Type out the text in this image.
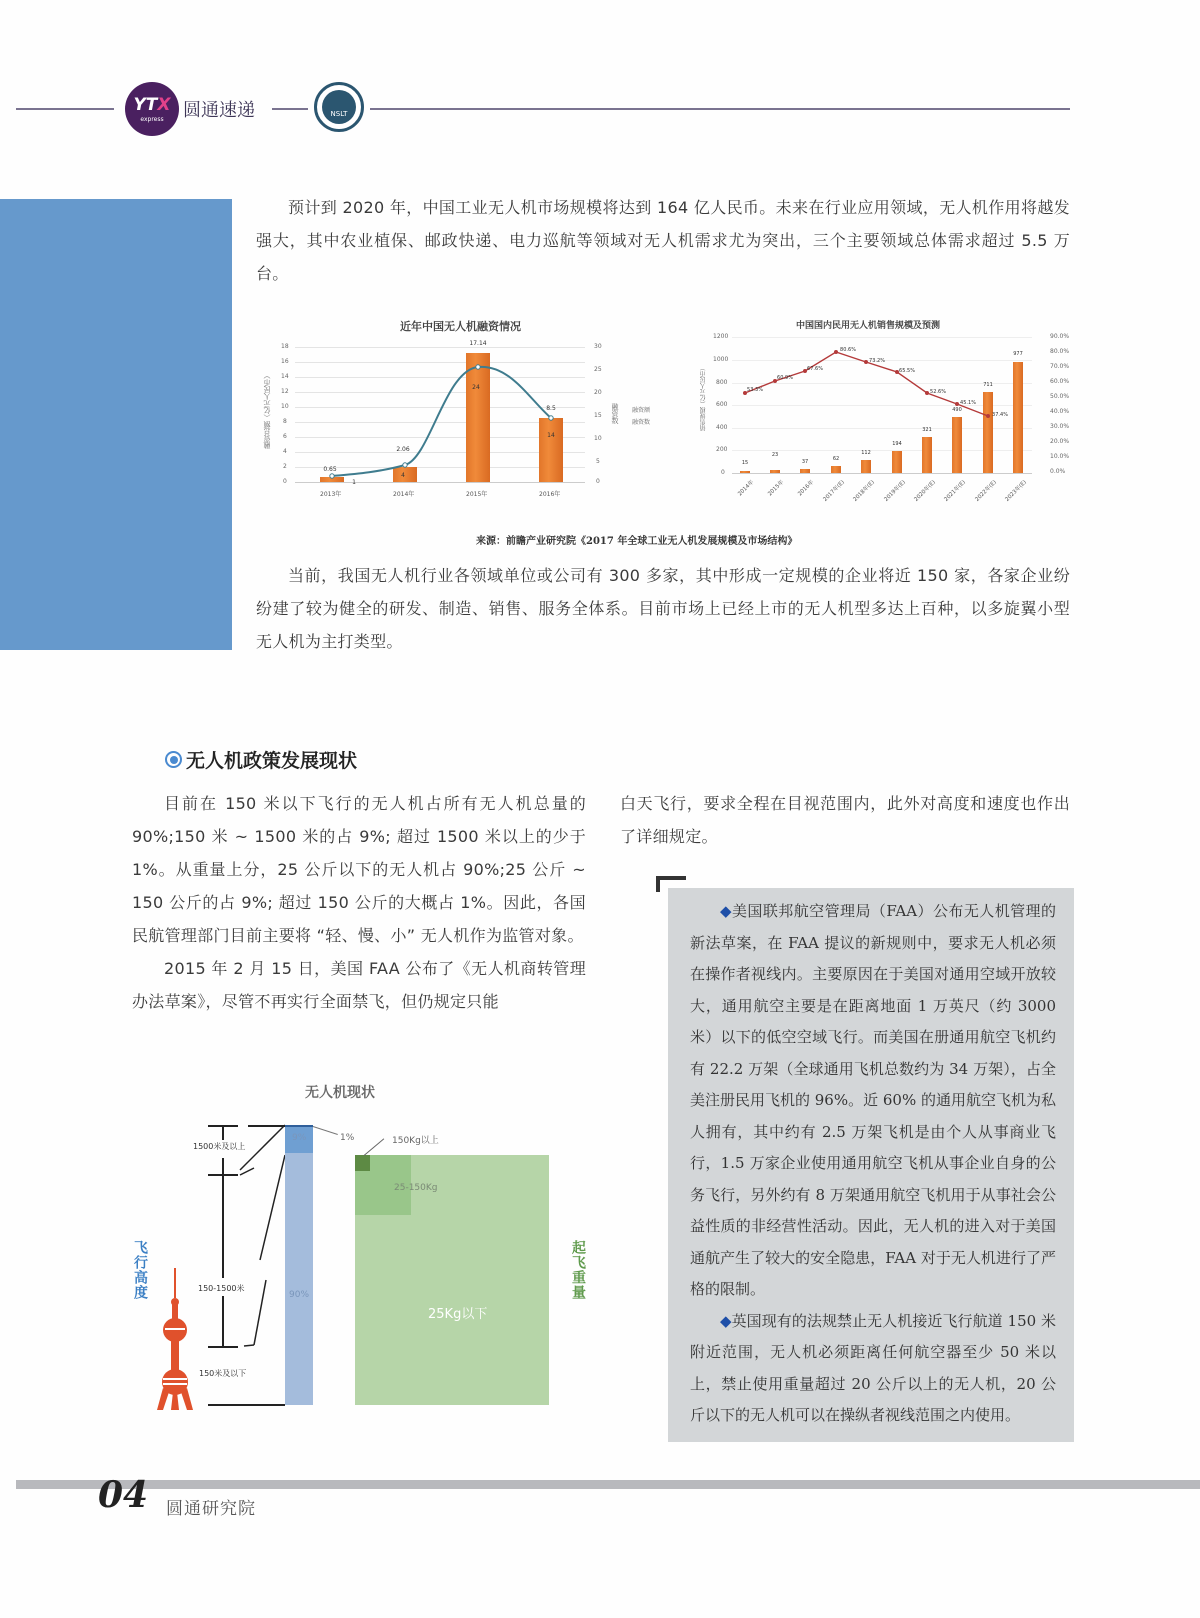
YTX
express 圆通速递	NSLT

预计到 2020 年，中国工业无人机市场规模将达到 164 亿人民币。未来在行业应用领域，无人机作用将越发强大，其中农业植保、邮政快递、电力巡航等领域对无人机需求尤为突出，三个主要领域总体需求超过 5.5 万台。

近年中国无人机融资情况
融资总额（亿元人民币）
18
16
14
12
10
8
6
4
2
0
30
25
20
15
10
5
0
融资数 融资额
融资数
0.65
2.06
17.14
8.5
1
4
24
14
2013年	2014年	2015年	2016年
中国国内民用无人机销售规模及预测
销售规模（亿元人民币）
1200
1000
800
600
400
200
0
90.0%
80.0%
70.0%
60.0%
50.0%
40.0%
30.0%
20.0%
10.0%
0.0%
15
23
37	62
112
194
321
490
711
977
53.3%
60.9%
67.6%
80.6%
73.2%
65.5%
52.6%
45.1%
37.4%
2014年 2015年 2016年 2017年(E) 2018年(E) 2019年(E) 2020年(E) 2021年(E) 2022年(E) 2023年(E)
来源：前瞻产业研究院《2017 年全球工业无人机发展规模及市场结构》

当前，我国无人机行业各领域单位或公司有 300 多家，其中形成一定规模的企业将近 150 家，各家企业纷纷建了较为健全的研发、制造、销售、服务全体系。目前市场上已经上市的无人机型多达上百种，以多旋翼小型无人机为主打类型。

无人机政策发展现状

目前在 150 米以下飞行的无人机占所有无人机总量的 90%;150 米 ~ 1500 米的占 9%; 超过 1500 米以上的少于 1%。从重量上分，25 公斤以下的无人机占 90%;25 公斤 ~ 150 公斤的占 9%; 超过 150 公斤的大概占 1%。因此，各国民航管理部门目前主要将 “轻、慢、小” 无人机作为监管对象。

2015 年 2 月 15 日，美国 FAA 公布了《无人机商转管理办法草案》，尽管不再实行全面禁飞，但仍规定只能

白天飞行，要求全程在目视范围内，此外对高度和速度也作出了详细规定。

◆美国联邦航空管理局（FAA）公布无人机管理的新法草案，在 FAA 提议的新规则中，要求无人机必须在操作者视线内。主要原因在于美国对通用空域开放较大，通用航空主要是在距离地面 1 万英尺（约 3000 米）以下的低空空域飞行。而美国在册通用航空飞机约有 22.2 万架（全球通用飞机总数约为 34 万架），占全美注册民用飞机的 96%。近 60% 的通用航空飞机为私人拥有，其中约有 2.5 万架飞机是由个人从事商业飞行，1.5 万家企业使用通用航空飞机从事企业自身的公务飞行，另外约有 8 万架通用航空飞机用于从事社会公益性质的非经营性活动。因此，无人机的进入对于美国通航产生了较大的安全隐患，FAA 对于无人机进行了严格的限制。

◆英国现有的法规禁止无人机接近飞行航道 150 米附近范围，无人机必须距离任何航空器至少 50 米以上，禁止使用重量超过 20 公斤以上的无人机，20 公斤以下的无人机可以在操纵者视线范围之内使用。

无人机现状
飞行高度	起飞重量
1500米及以上
150-1500米
150米及以下
9%
90%
1%	150Kg以上
25-150Kg
25Kg以下
04 圆通研究院
